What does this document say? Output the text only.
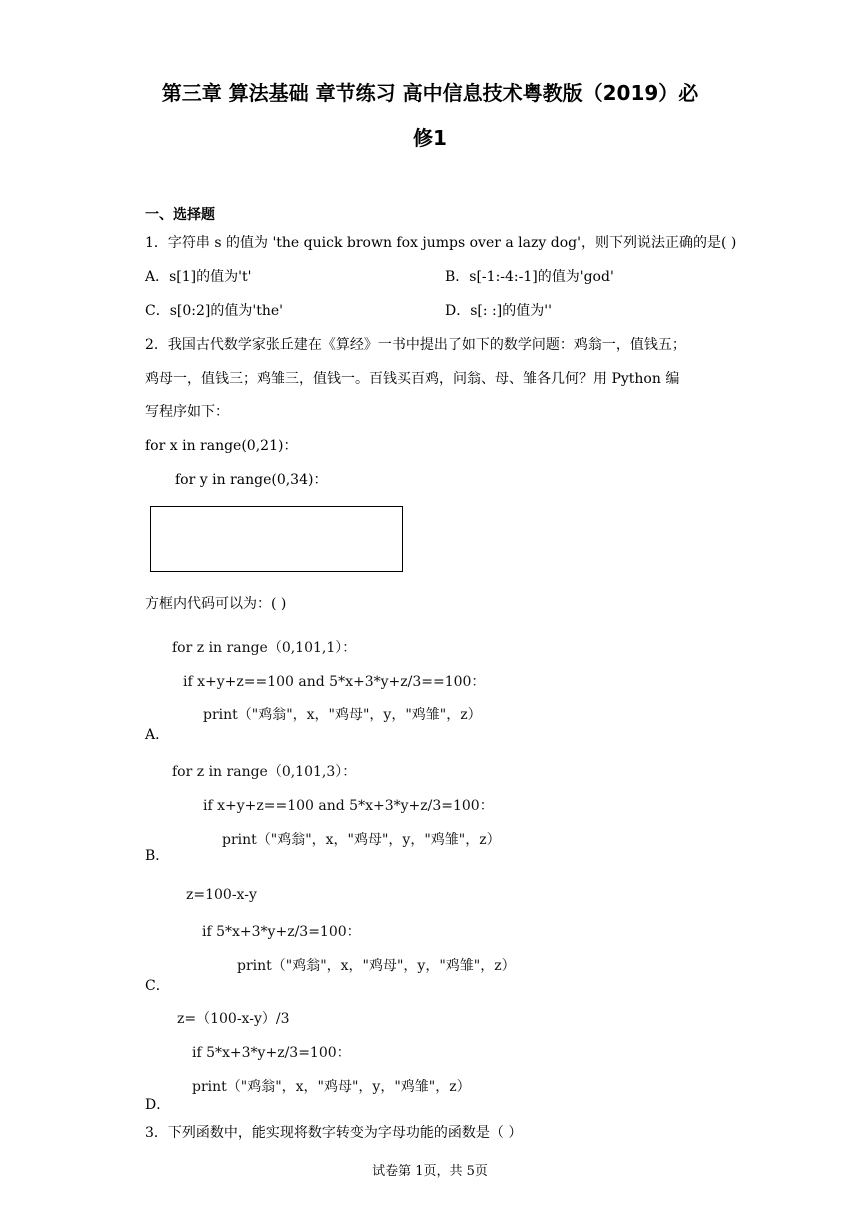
第三章 算法基础 章节练习 高中信息技术粤教版（2019）必
修1
一、选择题
1．字符串 s 的值为 'the quick brown fox jumps over a lazy dog'，则下列说法正确的是( )
A．s[1]的值为't'	B．s[-1:-4:-1]的值为'god'
C．s[0:2]的值为'the'	D．s[: :]的值为''
2．我国古代数学家张丘建在《算经》一书中提出了如下的数学问题：鸡翁一，值钱五；
鸡母一，值钱三；鸡雏三，值钱一。百钱买百鸡，问翁、母、雏各几何？用 Python 编
写程序如下：
for x in range(0,21)：
for y in range(0,34)：
方框内代码可以为：( )
for z in range（0,101,1）：
if x+y+z==100 and 5*x+3*y+z/3==100：
print（"鸡翁"，x，"鸡母"，y，"鸡雏"，z）
A．
for z in range（0,101,3）：
if x+y+z==100 and 5*x+3*y+z/3=100：
print（"鸡翁"，x，"鸡母"，y，"鸡雏"，z）
B．
z=100-x-y
if 5*x+3*y+z/3=100：
print（"鸡翁"，x，"鸡母"，y，"鸡雏"，z）
C．
z=（100-x-y）/3
if 5*x+3*y+z/3=100：
print（"鸡翁"，x，"鸡母"，y，"鸡雏"，z）
D．
3．下列函数中，能实现将数字转变为字母功能的函数是（ ）
试卷第 1页，共 5页
